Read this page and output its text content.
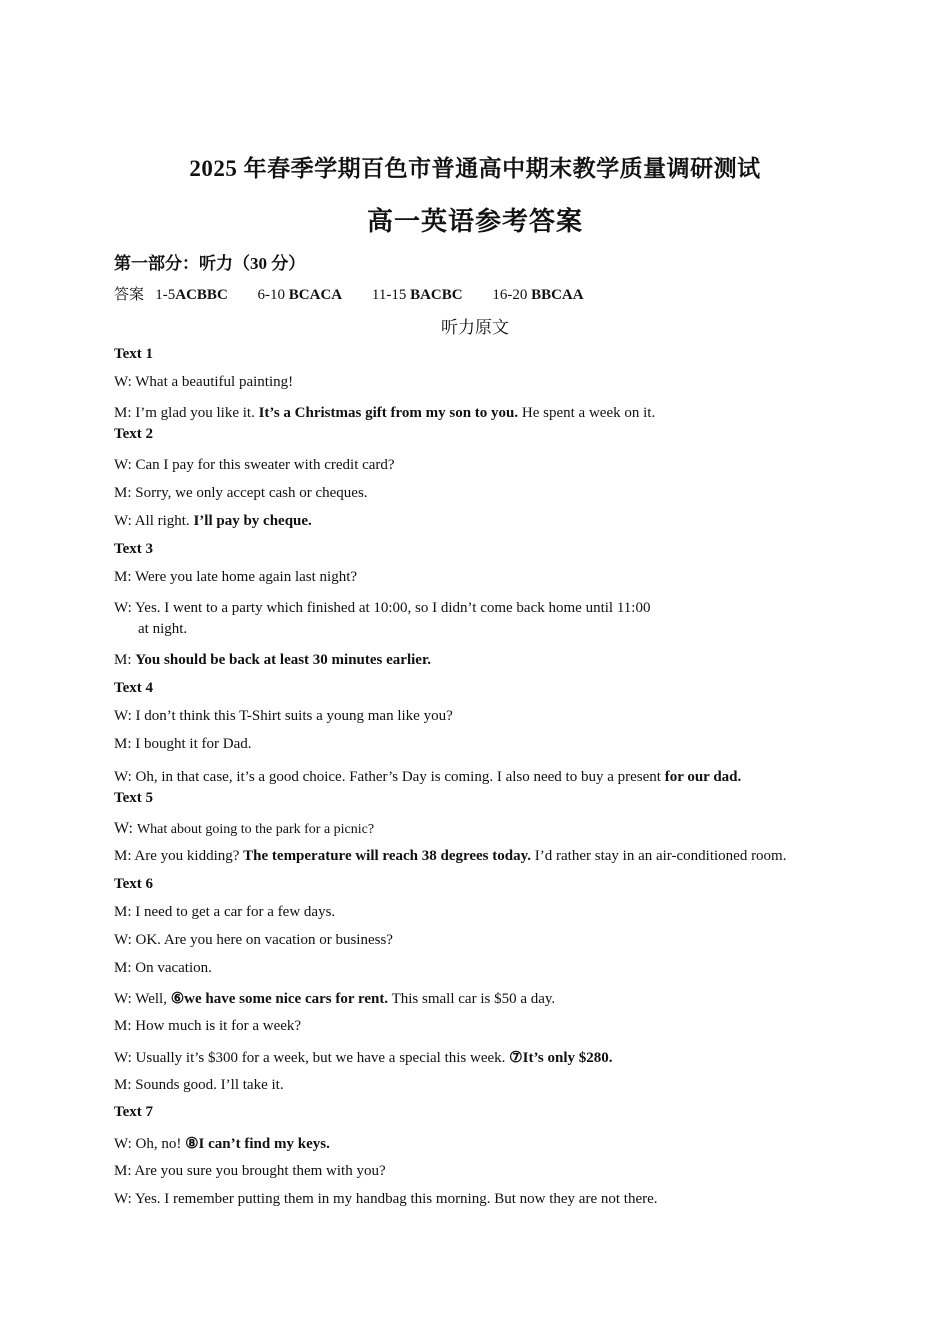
2025 年春季学期百色市普通高中期末教学质量调研测试
高一英语参考答案
第一部分：听力（30 分）
答案 1-5ACBBC 6-10 BCACA 11-15 BACBC 16-20 BBCAA
听力原文
Text 1
W: What a beautiful painting!
M: I’m glad you like it. It’s a Christmas gift from my son to you. He spent a week on it.
Text 2
W: Can I pay for this sweater with credit card?
M: Sorry, we only accept cash or cheques.
W: All right. I’ll pay by cheque.
Text 3
M: Were you late home again last night?
W: Yes. I went to a party which finished at 10:00, so I didn’t come back home until 11:00
at night.
M: You should be back at least 30 minutes earlier.
Text 4
W: I don’t think this T-Shirt suits a young man like you?
M: I bought it for Dad.
W: Oh, in that case, it’s a good choice. Father’s Day is coming. I also need to buy a present for our dad.
Text 5
W: What about going to the park for a picnic?
M: Are you kidding? The temperature will reach 38 degrees today. I’d rather stay in an air-conditioned room.
Text 6
M: I need to get a car for a few days.
W: OK. Are you here on vacation or business?
M: On vacation.
W: Well, ⑥we have some nice cars for rent. This small car is $50 a day.
M: How much is it for a week?
W: Usually it’s $300 for a week, but we have a special this week. ⑦It’s only $280.
M: Sounds good. I’ll take it.
Text 7
W: Oh, no! ⑧I can’t find my keys.
M: Are you sure you brought them with you?
W: Yes. I remember putting them in my handbag this morning. But now they are not there.
